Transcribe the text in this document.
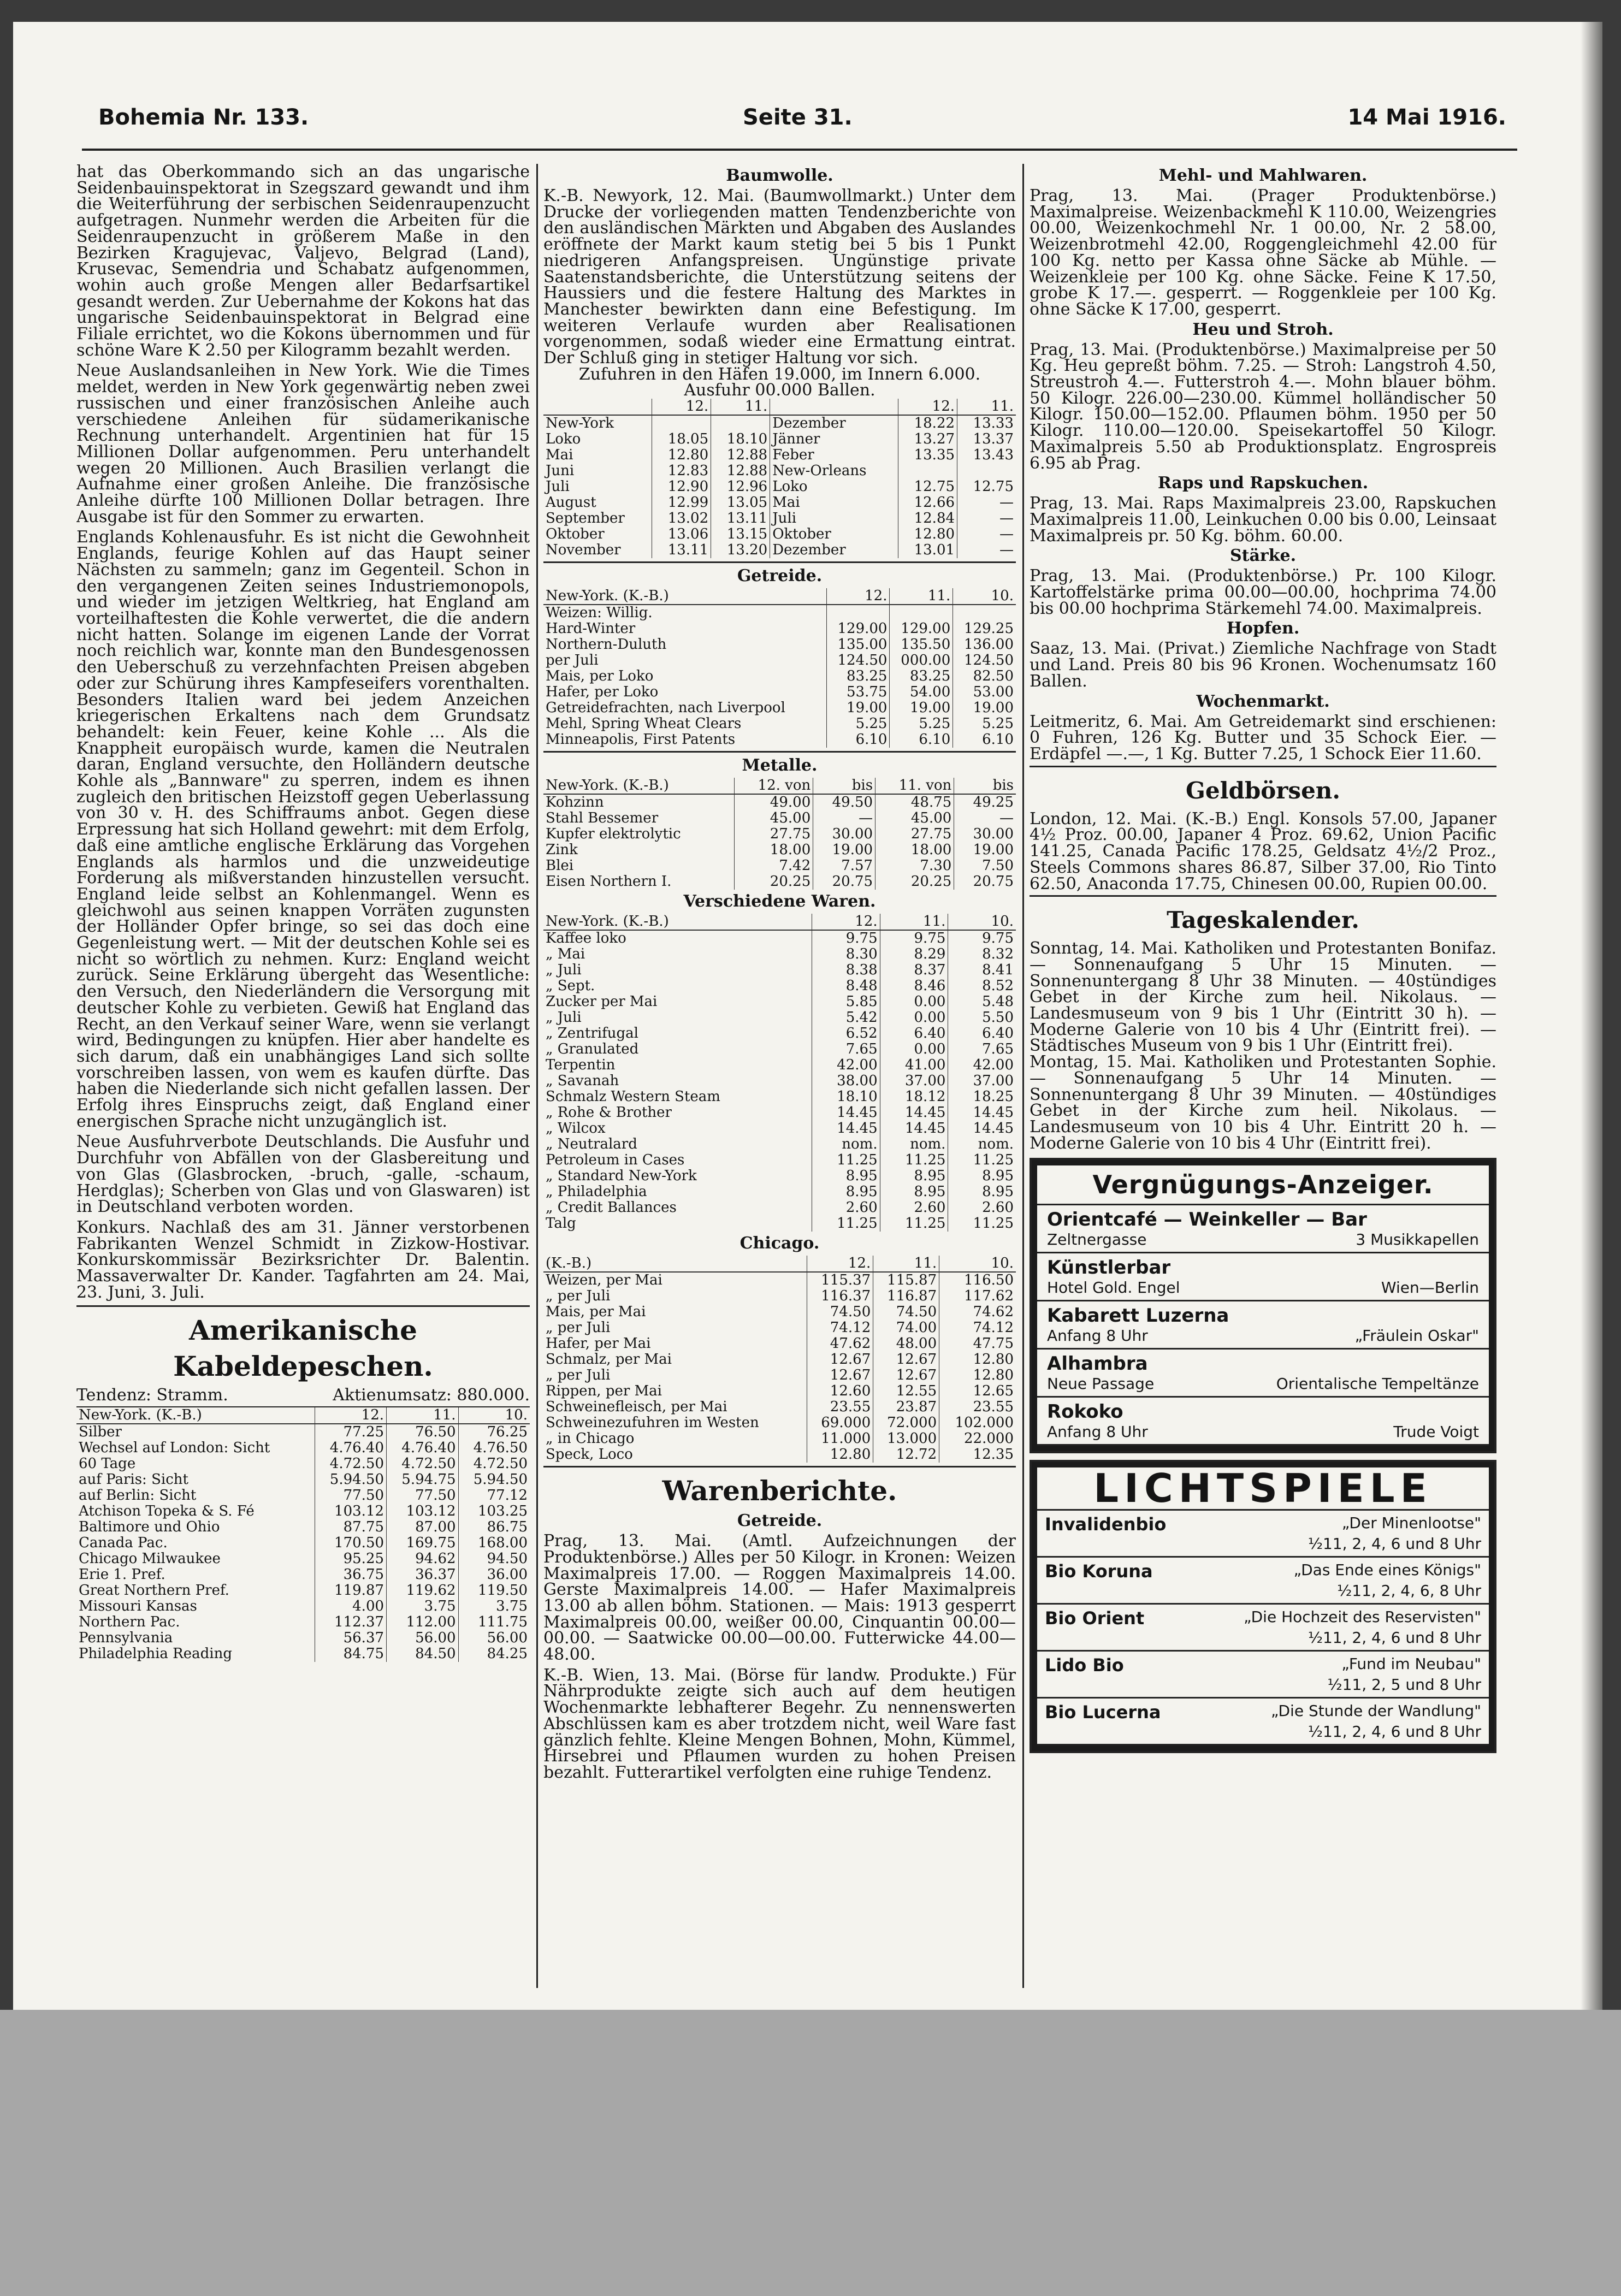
Bohemia Nr. 133.	Seite 31.	14 Mai 1916.

hat das Oberkommando sich an das ungarische Seidenbauinspektorat in Szegszard gewandt und ihm die Weiterführung der serbischen Seidenraupenzucht aufgetragen. Nunmehr werden die Arbeiten für die Seidenraupenzucht in größerem Maße in den Bezirken Kragujevac, Valjevo, Belgrad (Land), Krusevac, Semendria und Schabatz aufgenommen, wohin auch große Mengen aller Bedarfsartikel gesandt werden. Zur Uebernahme der Kokons hat das ungarische Seidenbauinspektorat in Belgrad eine Filiale errichtet, wo die Kokons übernommen und für schöne Ware K 2.50 per Kilogramm bezahlt werden.

Neue Auslandsanleihen in New York. Wie die Times meldet, werden in New York gegenwärtig neben zwei russischen und einer französischen Anleihe auch verschiedene Anleihen für südamerikanische Rechnung unterhandelt. Argentinien hat für 15 Millionen Dollar aufgenommen. Peru unterhandelt wegen 20 Millionen. Auch Brasilien verlangt die Aufnahme einer großen Anleihe. Die französische Anleihe dürfte 100 Millionen Dollar betragen. Ihre Ausgabe ist für den Sommer zu erwarten.

Englands Kohlenausfuhr. Es ist nicht die Gewohnheit Englands, feurige Kohlen auf das Haupt seiner Nächsten zu sammeln; ganz im Gegenteil. Schon in den vergangenen Zeiten seines Industriemonopols, und wieder im jetzigen Weltkrieg, hat England am vorteilhaftesten die Kohle verwertet, die die andern nicht hatten. Solange im eigenen Lande der Vorrat noch reichlich war, konnte man den Bundesgenossen den Ueberschuß zu verzehnfachten Preisen abgeben oder zur Schürung ihres Kampfeseifers vorenthalten. Besonders Italien ward bei jedem Anzeichen kriegerischen Erkaltens nach dem Grundsatz behandelt: kein Feuer, keine Kohle ... Als die Knappheit europäisch wurde, kamen die Neutralen daran, England versuchte, den Holländern deutsche Kohle als „Bannware" zu sperren, indem es ihnen zugleich den britischen Heizstoff gegen Ueberlassung von 30 v. H. des Schiffraums anbot. Gegen diese Erpressung hat sich Holland gewehrt: mit dem Erfolg, daß eine amtliche englische Erklärung das Vorgehen Englands als harmlos und die unzweideutige Forderung als mißverstanden hinzustellen versucht. England leide selbst an Kohlenmangel. Wenn es gleichwohl aus seinen knappen Vorräten zugunsten der Holländer Opfer bringe, so sei das doch eine Gegenleistung wert. — Mit der deutschen Kohle sei es nicht so wörtlich zu nehmen. Kurz: England weicht zurück. Seine Erklärung übergeht das Wesentliche: den Versuch, den Niederländern die Versorgung mit deutscher Kohle zu verbieten. Gewiß hat England das Recht, an den Verkauf seiner Ware, wenn sie verlangt wird, Bedingungen zu knüpfen. Hier aber handelte es sich darum, daß ein unabhängiges Land sich sollte vorschreiben lassen, von wem es kaufen dürfte. Das haben die Niederlande sich nicht gefallen lassen. Der Erfolg ihres Einspruchs zeigt, daß England einer energischen Sprache nicht unzugänglich ist.

Neue Ausfuhrverbote Deutschlands. Die Ausfuhr und Durchfuhr von Abfällen von der Glasbereitung und von Glas (Glasbrocken, -bruch, -galle, -schaum, Herdglas); Scherben von Glas und von Glaswaren) ist in Deutschland verboten worden.

Konkurs. Nachlaß des am 31. Jänner verstorbenen Fabrikanten Wenzel Schmidt in Zizkow-Hostivar. Konkurskommissär Bezirksrichter Dr. Balentin. Massaverwalter Dr. Kander. Tagfahrten am 24. Mai, 23. Juni, 3. Juli.

Amerikanische Kabeldepeschen.
Tendenz: Stramm.	Aktienumsatz: 880.000.
New-York. (K.-B.)	12.	11.	10.
Silber	77.25	76.50	76.25
Wechsel auf London: Sicht	4.76.40	4.76.40	4.76.50
60 Tage	4.72.50	4.72.50	4.72.50
auf Paris: Sicht	5.94.50	5.94.75	5.94.50
auf Berlin: Sicht	77.50	77.50	77.12
Atchison Topeka & S. Fé	103.12	103.12	103.25
Baltimore und Ohio	87.75	87.00	86.75
Canada Pac.	170.50	169.75	168.00
Chicago Milwaukee	95.25	94.62	94.50
Erie 1. Pref.	36.75	36.37	36.00
Great Northern Pref.	119.87	119.62	119.50
Missouri Kansas	4.00	3.75	3.75
Northern Pac.	112.37	112.00	111.75
Pennsylvania	56.37	56.00	56.00
Philadelphia Reading	84.75	84.50	84.25
Baumwolle.

K.-B. Newyork, 12. Mai. (Baumwollmarkt.) Unter dem Drucke der vorliegenden matten Tendenzberichte von den ausländischen Märkten und Abgaben des Auslandes eröffnete der Markt kaum stetig bei 5 bis 1 Punkt niedrigeren Anfangspreisen. Ungünstige private Saatenstandsberichte, die Unterstützung seitens der Haussiers und die festere Haltung des Marktes in Manchester bewirkten dann eine Befestigung. Im weiteren Verlaufe wurden aber Realisationen vorgenommen, sodaß wieder eine Ermattung eintrat. Der Schluß ging in stetiger Haltung vor sich.

Zufuhren in den Häfen 19.000, im Innern 6.000. Ausfuhr 00.000 Ballen.

	12.	11.		12.	11.
New-York			Dezember	18.22	13.33
Loko	18.05	18.10	Jänner	13.27	13.37
Mai	12.80	12.88	Feber	13.35	13.43
Juni	12.83	12.88	New-Orleans		
Juli	12.90	12.96	Loko	12.75	12.75
August	12.99	13.05	Mai	12.66	—
September	13.02	13.11	Juli	12.84	—
Oktober	13.06	13.15	Oktober	12.80	—
November	13.11	13.20	Dezember	13.01	—
Getreide.
New-York. (K.-B.)	12.	11.	10.
Weizen: Willig.			
Hard-Winter	129.00	129.00	129.25
Northern-Duluth	135.00	135.50	136.00
per Juli	124.50	000.00	124.50
Mais, per Loko	83.25	83.25	82.50
Hafer, per Loko	53.75	54.00	53.00
Getreidefrachten, nach Liverpool	19.00	19.00	19.00
Mehl, Spring Wheat Clears	5.25	5.25	5.25
Minneapolis, First Patents	6.10	6.10	6.10
Metalle.
New-York. (K.-B.)	12. von	bis	11. von	bis
Kohzinn	49.00	49.50	48.75	49.25
Stahl Bessemer	45.00	—	45.00	—
Kupfer elektrolytic	27.75	30.00	27.75	30.00
Zink	18.00	19.00	18.00	19.00
Blei	7.42	7.57	7.30	7.50
Eisen Northern I.	20.25	20.75	20.25	20.75
Verschiedene Waren.
New-York. (K.-B.)	12.	11.	10.
Kaffee loko	9.75	9.75	9.75
„ Mai	8.30	8.29	8.32
„ Juli	8.38	8.37	8.41
„ Sept.	8.48	8.46	8.52
Zucker per Mai	5.85	0.00	5.48
„ Juli	5.42	0.00	5.50
„ Zentrifugal	6.52	6.40	6.40
„ Granulated	7.65	0.00	7.65
Terpentin	42.00	41.00	42.00
„ Savanah	38.00	37.00	37.00
Schmalz Western Steam	18.10	18.12	18.25
„ Rohe & Brother	14.45	14.45	14.45
„ Wilcox	14.45	14.45	14.45
„ Neutralard	nom.	nom.	nom.
Petroleum in Cases	11.25	11.25	11.25
„ Standard New-York	8.95	8.95	8.95
„ Philadelphia	8.95	8.95	8.95
„ Credit Ballances	2.60	2.60	2.60
Talg	11.25	11.25	11.25
Chicago.
(K.-B.)	12.	11.	10.
Weizen, per Mai	115.37	115.87	116.50
„ per Juli	116.37	116.87	117.62
Mais, per Mai	74.50	74.50	74.62
„ per Juli	74.12	74.00	74.12
Hafer, per Mai	47.62	48.00	47.75
Schmalz, per Mai	12.67	12.67	12.80
„ per Juli	12.67	12.67	12.80
Rippen, per Mai	12.60	12.55	12.65
Schweinefleisch, per Mai	23.55	23.87	23.55
Schweinezufuhren im Westen	69.000	72.000	102.000
„ in Chicago	11.000	13.000	22.000
Speck, Loco	12.80	12.72	12.35
Warenberichte.
Getreide.

Prag, 13. Mai. (Amtl. Aufzeichnungen der Produktenbörse.) Alles per 50 Kilogr. in Kronen: Weizen Maximalpreis 17.00. — Roggen Maximalpreis 14.00. Gerste Maximalpreis 14.00. — Hafer Maximalpreis 13.00 ab allen böhm. Stationen. — Mais: 1913 gesperrt Maximalpreis 00.00, weißer 00.00, Cinquantin 00.00—00.00. — Saatwicke 00.00—00.00. Futterwicke 44.00—48.00.

K.-B. Wien, 13. Mai. (Börse für landw. Produkte.) Für Nährprodukte zeigte sich auch auf dem heutigen Wochenmarkte lebhafterer Begehr. Zu nennenswerten Abschlüssen kam es aber trotzdem nicht, weil Ware fast gänzlich fehlte. Kleine Mengen Bohnen, Mohn, Kümmel, Hirsebrei und Pflaumen wurden zu hohen Preisen bezahlt. Futterartikel verfolgten eine ruhige Tendenz.

Mehl- und Mahlwaren.

Prag, 13. Mai. (Prager Produktenbörse.) Maximalpreise. Weizenbackmehl K 110.00, Weizengries 00.00, Weizenkochmehl Nr. 1 00.00, Nr. 2 58.00, Weizenbrotmehl 42.00, Roggengleichmehl 42.00 für 100 Kg. netto per Kassa ohne Säcke ab Mühle. — Weizenkleie per 100 Kg. ohne Säcke. Feine K 17.50, grobe K 17.—. gesperrt. — Roggenkleie per 100 Kg. ohne Säcke K 17.00, gesperrt.

Heu und Stroh.

Prag, 13. Mai. (Produktenbörse.) Maximalpreise per 50 Kg. Heu gepreßt böhm. 7.25. — Stroh: Langstroh 4.50, Streustroh 4.—. Futterstroh 4.—. Mohn blauer böhm. 50 Kilogr. 226.00—230.00. Kümmel holländischer 50 Kilogr. 150.00—152.00. Pflaumen böhm. 1950 per 50 Kilogr. 110.00—120.00. Speisekartoffel 50 Kilogr. Maximalpreis 5.50 ab Produktionsplatz. Engrospreis 6.95 ab Prag.

Raps und Rapskuchen.

Prag, 13. Mai. Raps Maximalpreis 23.00, Rapskuchen Maximalpreis 11.00, Leinkuchen 0.00 bis 0.00, Leinsaat Maximalpreis pr. 50 Kg. böhm. 60.00.

Stärke.

Prag, 13. Mai. (Produktenbörse.) Pr. 100 Kilogr. Kartoffelstärke prima 00.00—00.00, hochprima 74.00 bis 00.00 hochprima Stärkemehl 74.00. Maximalpreis.

Hopfen.

Saaz, 13. Mai. (Privat.) Ziemliche Nachfrage von Stadt und Land. Preis 80 bis 96 Kronen. Wochenumsatz 160 Ballen.

Wochenmarkt.

Leitmeritz, 6. Mai. Am Getreidemarkt sind erschienen: 0 Fuhren, 126 Kg. Butter und 35 Schock Eier. — Erdäpfel —.—, 1 Kg. Butter 7.25, 1 Schock Eier 11.60.

Geldbörsen.

London, 12. Mai. (K.-B.) Engl. Konsols 57.00, Japaner 4½ Proz. 00.00, Japaner 4 Proz. 69.62, Union Pacific 141.25, Canada Pacific 178.25, Geldsatz 4½/2 Proz., Steels Commons shares 86.87, Silber 37.00, Rio Tinto 62.50, Anaconda 17.75, Chinesen 00.00, Rupien 00.00.

Tageskalender.

Sonntag, 14. Mai. Katholiken und Protestanten Bonifaz. — Sonnenaufgang 5 Uhr 15 Minuten. — Sonnenuntergang 8 Uhr 38 Minuten. — 40stündiges Gebet in der Kirche zum heil. Nikolaus. — Landesmuseum von 9 bis 1 Uhr (Eintritt 30 h). — Moderne Galerie von 10 bis 4 Uhr (Eintritt frei). — Städtisches Museum von 9 bis 1 Uhr (Eintritt frei).

Montag, 15. Mai. Katholiken und Protestanten Sophie. — Sonnenaufgang 5 Uhr 14 Minuten. — Sonnenuntergang 8 Uhr 39 Minuten. — 40stündiges Gebet in der Kirche zum heil. Nikolaus. — Landesmuseum von 10 bis 4 Uhr. Eintritt 20 h. — Moderne Galerie von 10 bis 4 Uhr (Eintritt frei).

Vergnügungs-Anzeiger.
Orientcafé — Weinkeller — Bar
Zeltnergasse	3 Musikkapellen
Künstlerbar
Hotel Gold. Engel	Wien—Berlin
Kabarett Luzerna
Anfang 8 Uhr	„Fräulein Oskar"
Alhambra
Neue Passage	Orientalische Tempeltänze
Rokoko
Anfang 8 Uhr	Trude Voigt
LICHTSPIELE
Invalidenbio	„Der Minenlootse"
½11, 2, 4, 6 und 8 Uhr
Bio Koruna	„Das Ende eines Königs"
½11, 2, 4, 6, 8 Uhr
Bio Orient	„Die Hochzeit des Reservisten"
½11, 2, 4, 6 und 8 Uhr
Lido Bio	„Fund im Neubau"
½11, 2, 5 und 8 Uhr
Bio Lucerna	„Die Stunde der Wandlung"
½11, 2, 4, 6 und 8 Uhr
